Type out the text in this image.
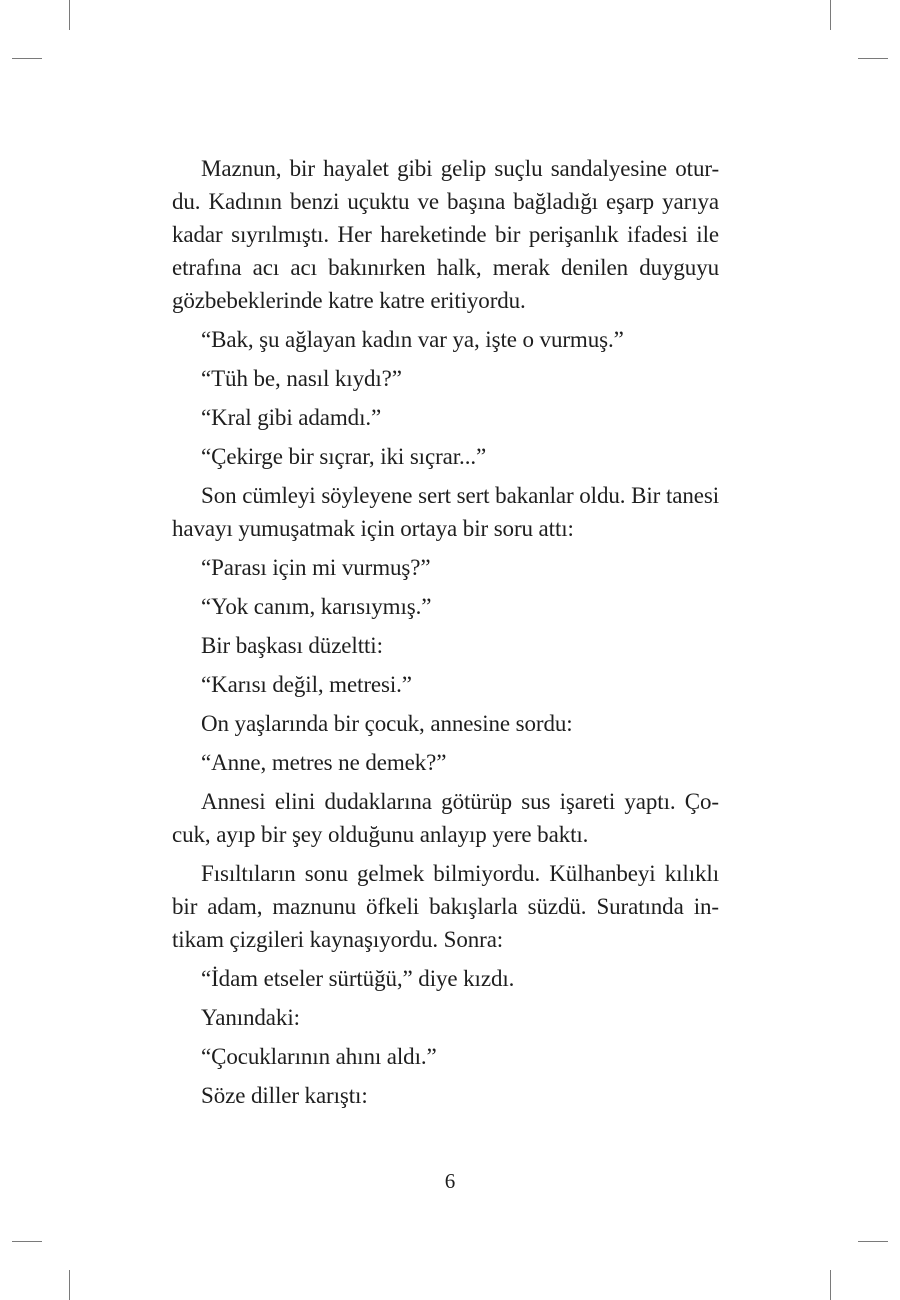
Maznun, bir hayalet gibi gelip suçlu sandalyesine otur-
du. Kadının benzi uçuktu ve başına bağladığı eşarp yarıya
kadar sıyrılmıştı. Her hareketinde bir perişanlık ifadesi ile
etrafına acı acı bakınırken halk, merak denilen duyguyu
gözbebeklerinde katre katre eritiyordu.

“Bak, şu ağlayan kadın var ya, işte o vurmuş.”

“Tüh be, nasıl kıydı?”

“Kral gibi adamdı.”

“Çekirge bir sıçrar, iki sıçrar...”

Son cümleyi söyleyene sert sert bakanlar oldu. Bir tanesi
havayı yumuşatmak için ortaya bir soru attı:

“Parası için mi vurmuş?”

“Yok canım, karısıymış.”

Bir başkası düzeltti:

“Karısı değil, metresi.”

On yaşlarında bir çocuk, annesine sordu:

“Anne, metres ne demek?”

Annesi elini dudaklarına götürüp sus işareti yaptı. Ço-
cuk, ayıp bir şey olduğunu anlayıp yere baktı.

Fısıltıların sonu gelmek bilmiyordu. Külhanbeyi kılıklı
bir adam, maznunu öfkeli bakışlarla süzdü. Suratında in-
tikam çizgileri kaynaşıyordu. Sonra:

“İdam etseler sürtüğü,” diye kızdı.

Yanındaki:

“Çocuklarının ahını aldı.”

Söze diller karıştı:

6
